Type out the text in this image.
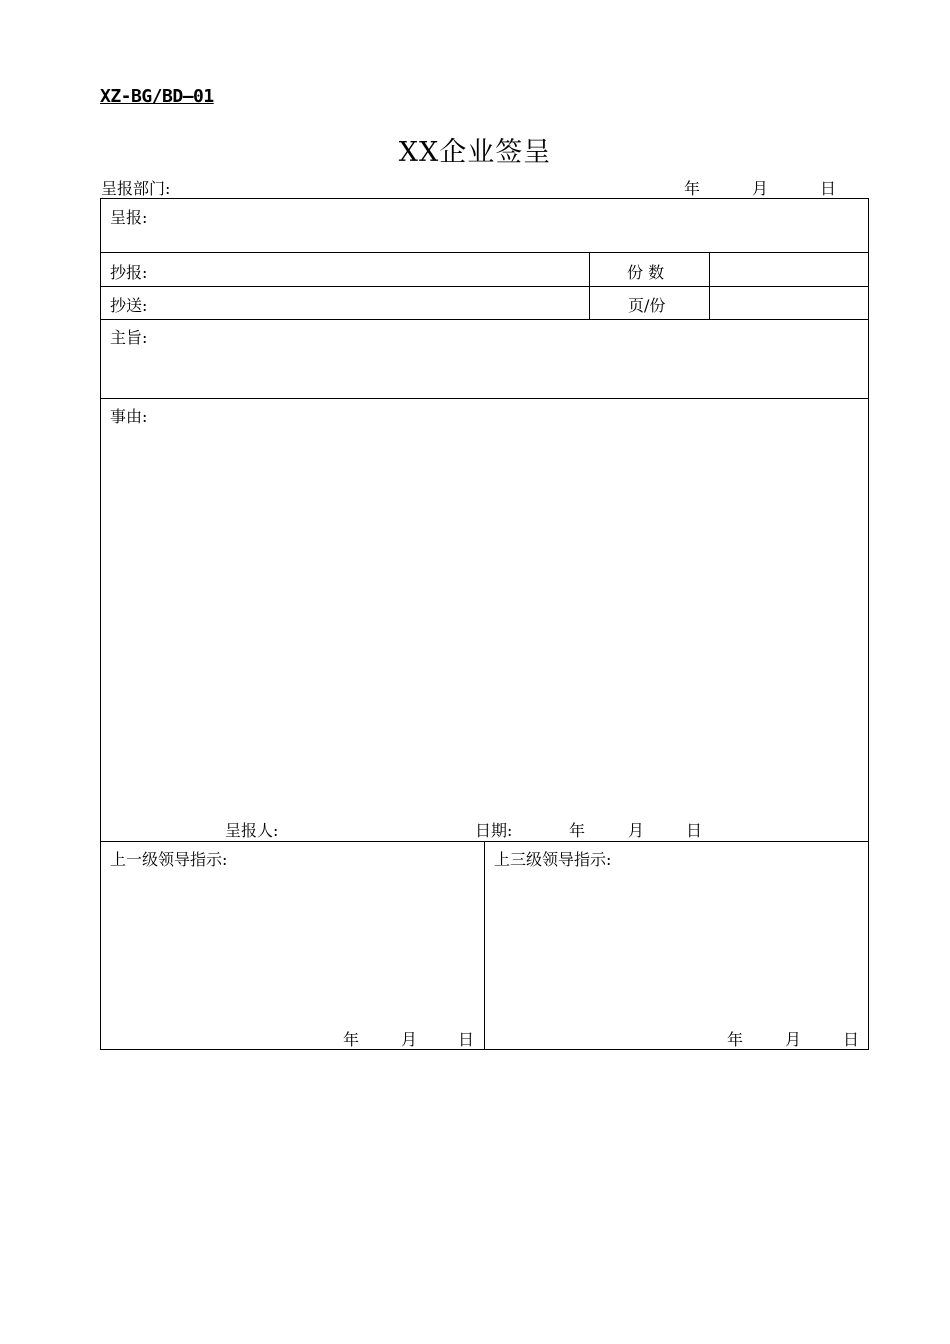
XZ-BG/BD—01
XX企业签呈
呈报部门:	年	月	日
呈报:
抄报:	份 数
抄送:	页/份
主旨:
事由:
呈报人:	日期:	年	月	日
上一级领导指示:
年	月	日
上三级领导指示:
年	月	日
